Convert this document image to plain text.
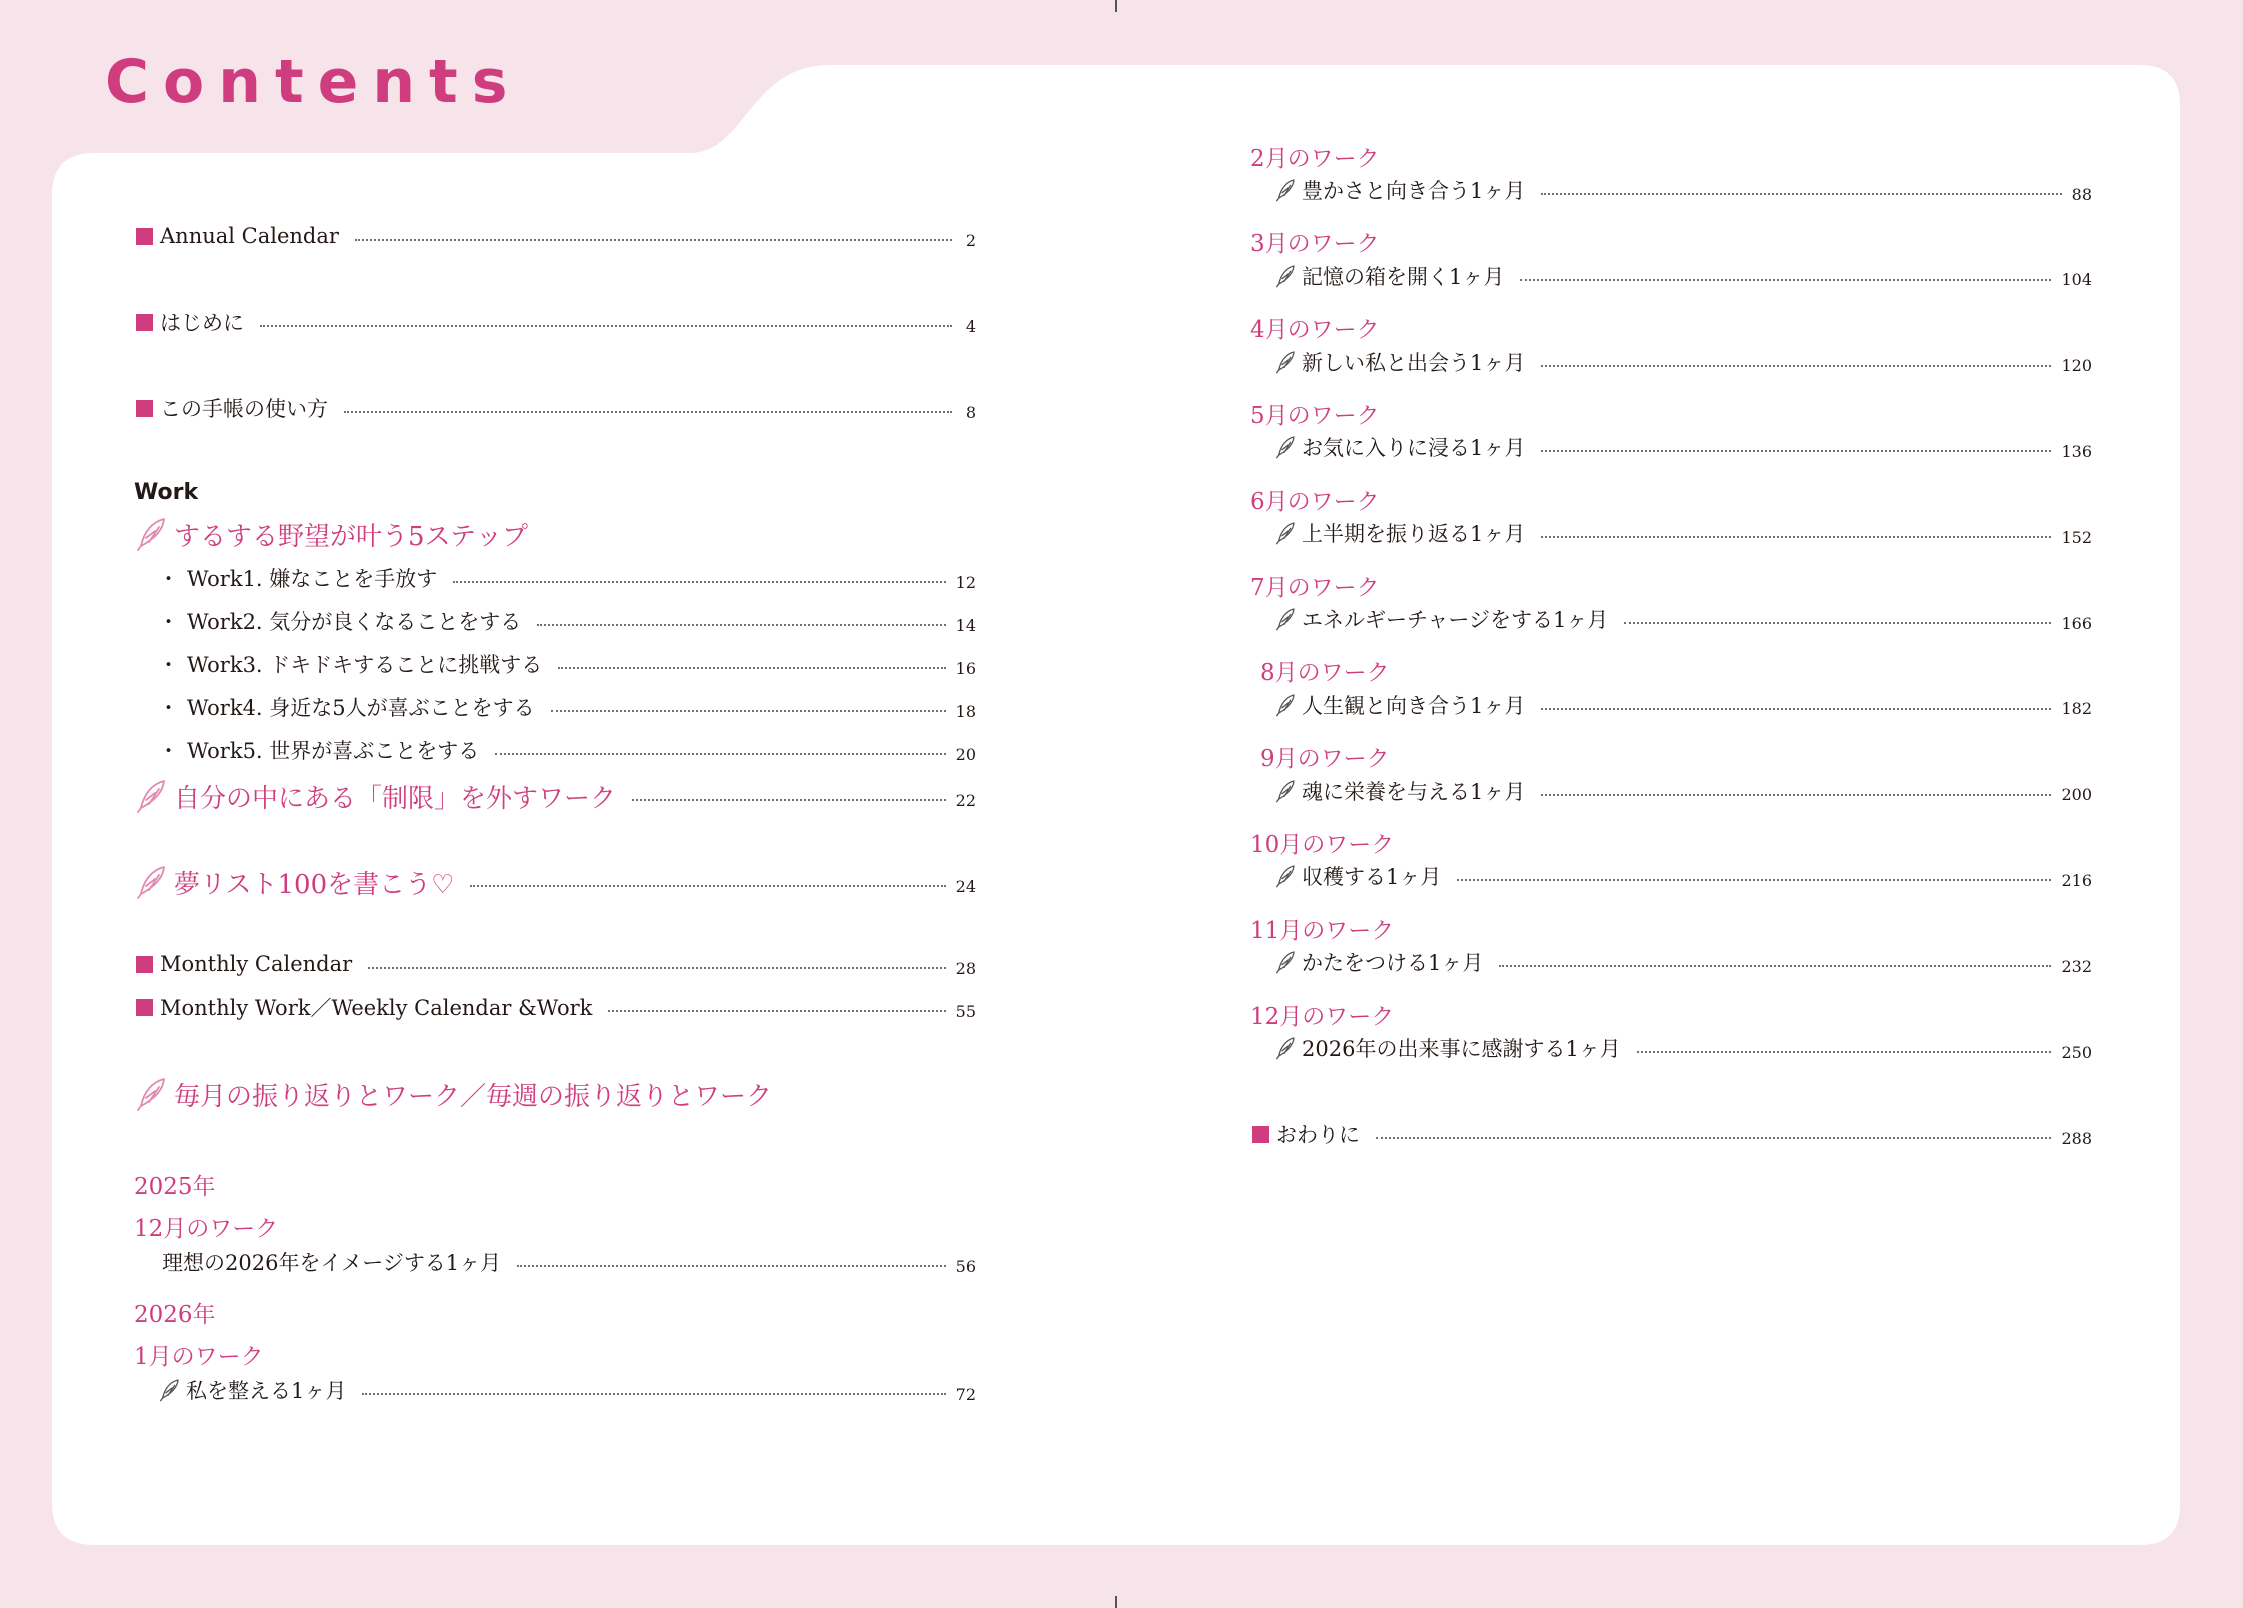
Contents
Annual Calendar	2
はじめに	4
この手帳の使い方	8
Work
するする野望が叶う5ステップ
・ Work1. 嫌なことを手放す	12
・ Work2. 気分が良くなることをする	14
・ Work3. ドキドキすることに挑戦する	16
・ Work4. 身近な5人が喜ぶことをする	18
・ Work5. 世界が喜ぶことをする	20
自分の中にある「制限」を外すワーク	22
夢リスト100を書こう♡	24
Monthly Calendar	28
Monthly Work／Weekly Calendar &Work	55
毎月の振り返りとワーク／毎週の振り返りとワーク
2025年
12月のワーク
理想の2026年をイメージする1ヶ月	56
2026年
1月のワーク
私を整える1ヶ月	72
2月のワーク
豊かさと向き合う1ヶ月	88
3月のワーク
記憶の箱を開く1ヶ月	104
4月のワーク
新しい私と出会う1ヶ月	120
5月のワーク
お気に入りに浸る1ヶ月	136
6月のワーク
上半期を振り返る1ヶ月	152
7月のワーク
エネルギーチャージをする1ヶ月	166
8月のワーク
人生観と向き合う1ヶ月	182
9月のワーク
魂に栄養を与える1ヶ月	200
10月のワーク
収穫する1ヶ月	216
11月のワーク
かたをつける1ヶ月	232
12月のワーク
2026年の出来事に感謝する1ヶ月	250
おわりに	288
